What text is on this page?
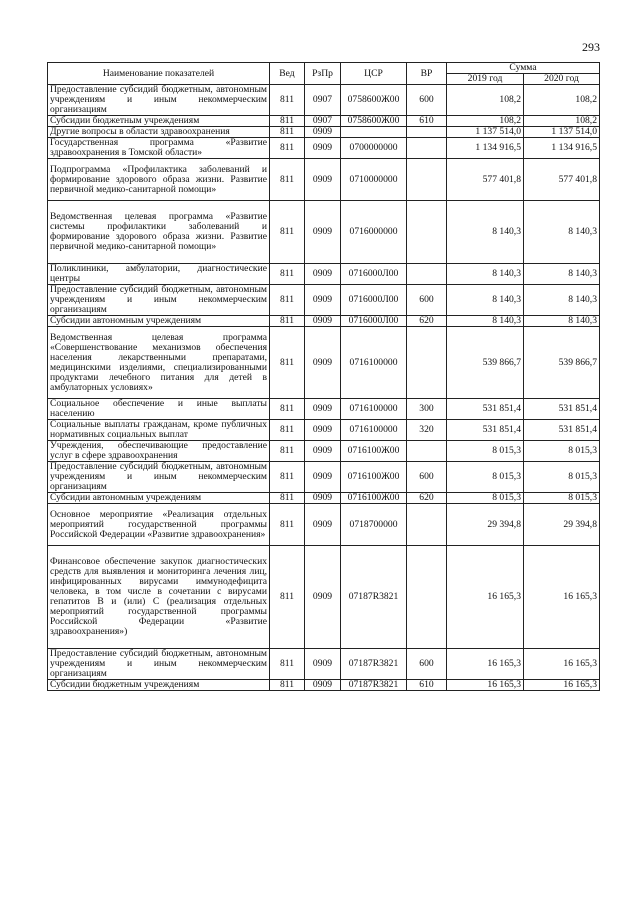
293
Наименование показателей	Вед	РзПр	ЦСР	ВР	Сумма	
					2019 год	2020 год
Предоставление субсидий бюджетным, автономным учреждениям и иным некоммерческим организациям	811	0907	0758600Ж00	600	108,2	108,2
Субсидии бюджетным учреждениям	811	0907	0758600Ж00	610	108,2	108,2
Другие вопросы в области здравоохранения	811	0909			1 137 514,0	1 137 514,0
Государственная программа «Развитие здравоохранения в Томской области»	811	0909	0700000000		1 134 916,5	1 134 916,5
Подпрограмма «Профилактика заболеваний и формирование здорового образа жизни. Развитие первичной медико-санитарной помощи»	811	0909	0710000000		577 401,8	577 401,8
Ведомственная целевая программа «Развитие системы профилактики заболеваний и формирование здорового образа жизни. Развитие первичной медико-санитарной помощи»	811	0909	0716000000		8 140,3	8 140,3
Поликлиники, амбулатории, диагностические центры	811	0909	0716000Л00		8 140,3	8 140,3
Предоставление субсидий бюджетным, автономным учреждениям и иным некоммерческим организациям	811	0909	0716000Л00	600	8 140,3	8 140,3
Субсидии автономным учреждениям	811	0909	0716000Л00	620	8 140,3	8 140,3
Ведомственная целевая программа «Совершенствование механизмов обеспечения населения лекарственными препаратами, медицинскими изделиями, специализированными продуктами лечебного питания для детей в амбулаторных условиях»	811	0909	0716100000		539 866,7	539 866,7
Социальное обеспечение и иные выплаты населению	811	0909	0716100000	300	531 851,4	531 851,4
Социальные выплаты гражданам, кроме публичных нормативных социальных выплат	811	0909	0716100000	320	531 851,4	531 851,4
Учреждения, обеспечивающие предоставление услуг в сфере здравоохранения	811	0909	0716100Ж00		8 015,3	8 015,3
Предоставление субсидий бюджетным, автономным учреждениям и иным некоммерческим организациям	811	0909	0716100Ж00	600	8 015,3	8 015,3
Субсидии автономным учреждениям	811	0909	0716100Ж00	620	8 015,3	8 015,3
Основное мероприятие «Реализация отдельных мероприятий государственной программы Российской Федерации «Развитие здравоохранения»	811	0909	0718700000		29 394,8	29 394,8
Финансовое обеспечение закупок диагностических средств для выявления и мониторинга лечения лиц, инфицированных вирусами иммунодефицита человека, в том числе в сочетании с вирусами гепатитов В и (или) С (реализация отдельных мероприятий государственной программы Российской Федерации «Развитие здравоохранения»)	811	0909	07187R3821		16 165,3	16 165,3
Предоставление субсидий бюджетным, автономным учреждениям и иным некоммерческим организациям	811	0909	07187R3821	600	16 165,3	16 165,3
Субсидии бюджетным учреждениям	811	0909	07187R3821	610	16 165,3	16 165,3
